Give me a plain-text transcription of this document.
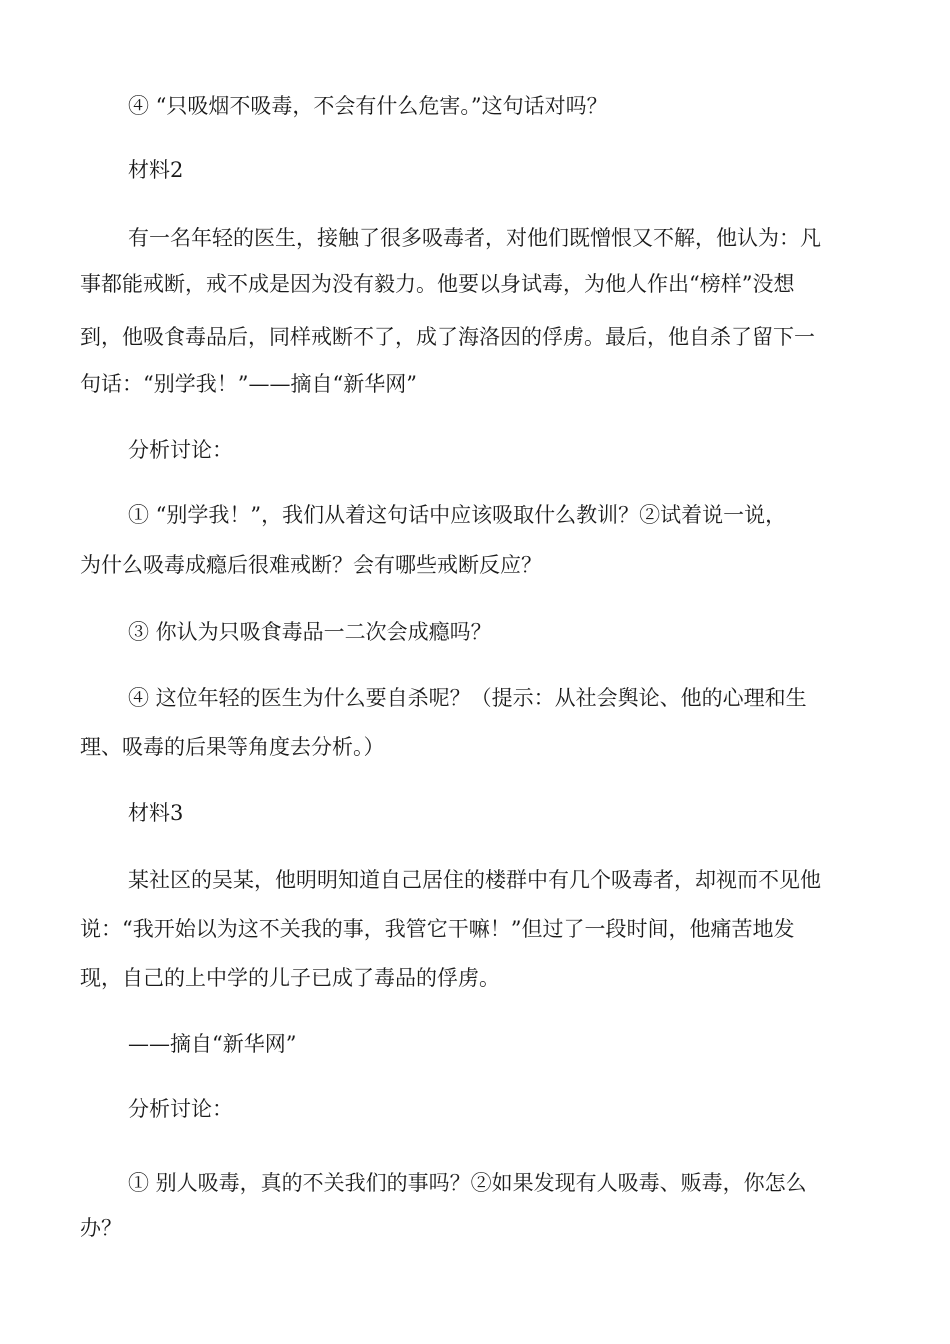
④ “只吸烟不吸毒，不会有什么危害。”这句话对吗？
材料2
有一名年轻的医生，接触了很多吸毒者，对他们既憎恨又不解，他认为：凡
事都能戒断，戒不成是因为没有毅力。他要以身试毒，为他人作出“榜样”没想
到，他吸食毒品后，同样戒断不了，成了海洛因的俘虏。最后，他自杀了留下一
句话：“别学我！”——摘自“新华网”
分析讨论：
① “别学我！”，我们从着这句话中应该吸取什么教训？②试着说一说，
为什么吸毒成瘾后很难戒断？会有哪些戒断反应？
③ 你认为只吸食毒品一二次会成瘾吗？
④ 这位年轻的医生为什么要自杀呢？（提示：从社会舆论、他的心理和生
理、吸毒的后果等角度去分析。）
材料3
某社区的吴某，他明明知道自己居住的楼群中有几个吸毒者，却视而不见他
说：“我开始以为这不关我的事，我管它干嘛！”但过了一段时间，他痛苦地发
现，自己的上中学的儿子已成了毒品的俘虏。
——摘自“新华网”
分析讨论：
① 别人吸毒，真的不关我们的事吗？②如果发现有人吸毒、贩毒，你怎么
办？
